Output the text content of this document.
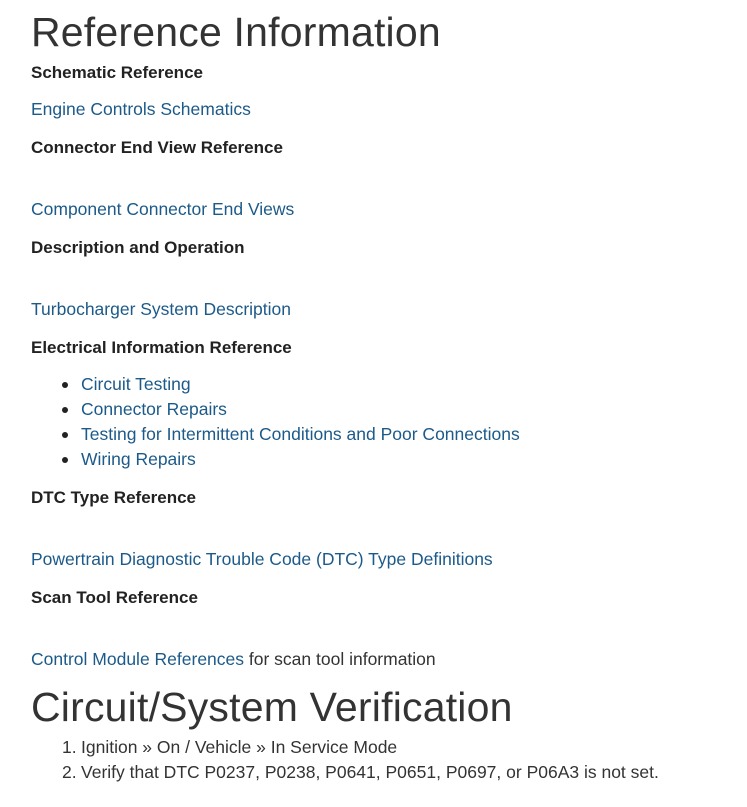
Reference Information
Schematic Reference
Engine Controls Schematics
Connector End View Reference
Component Connector End Views
Description and Operation
Turbocharger System Description
Electrical Information Reference
Circuit Testing
Connector Repairs
Testing for Intermittent Conditions and Poor Connections
Wiring Repairs
DTC Type Reference
Powertrain Diagnostic Trouble Code (DTC) Type Definitions
Scan Tool Reference
Control Module References for scan tool information
Circuit/System Verification
1. Ignition » On / Vehicle » In Service Mode
2. Verify that DTC P0237, P0238, P0641, P0651, P0697, or P06A3 is not set.
